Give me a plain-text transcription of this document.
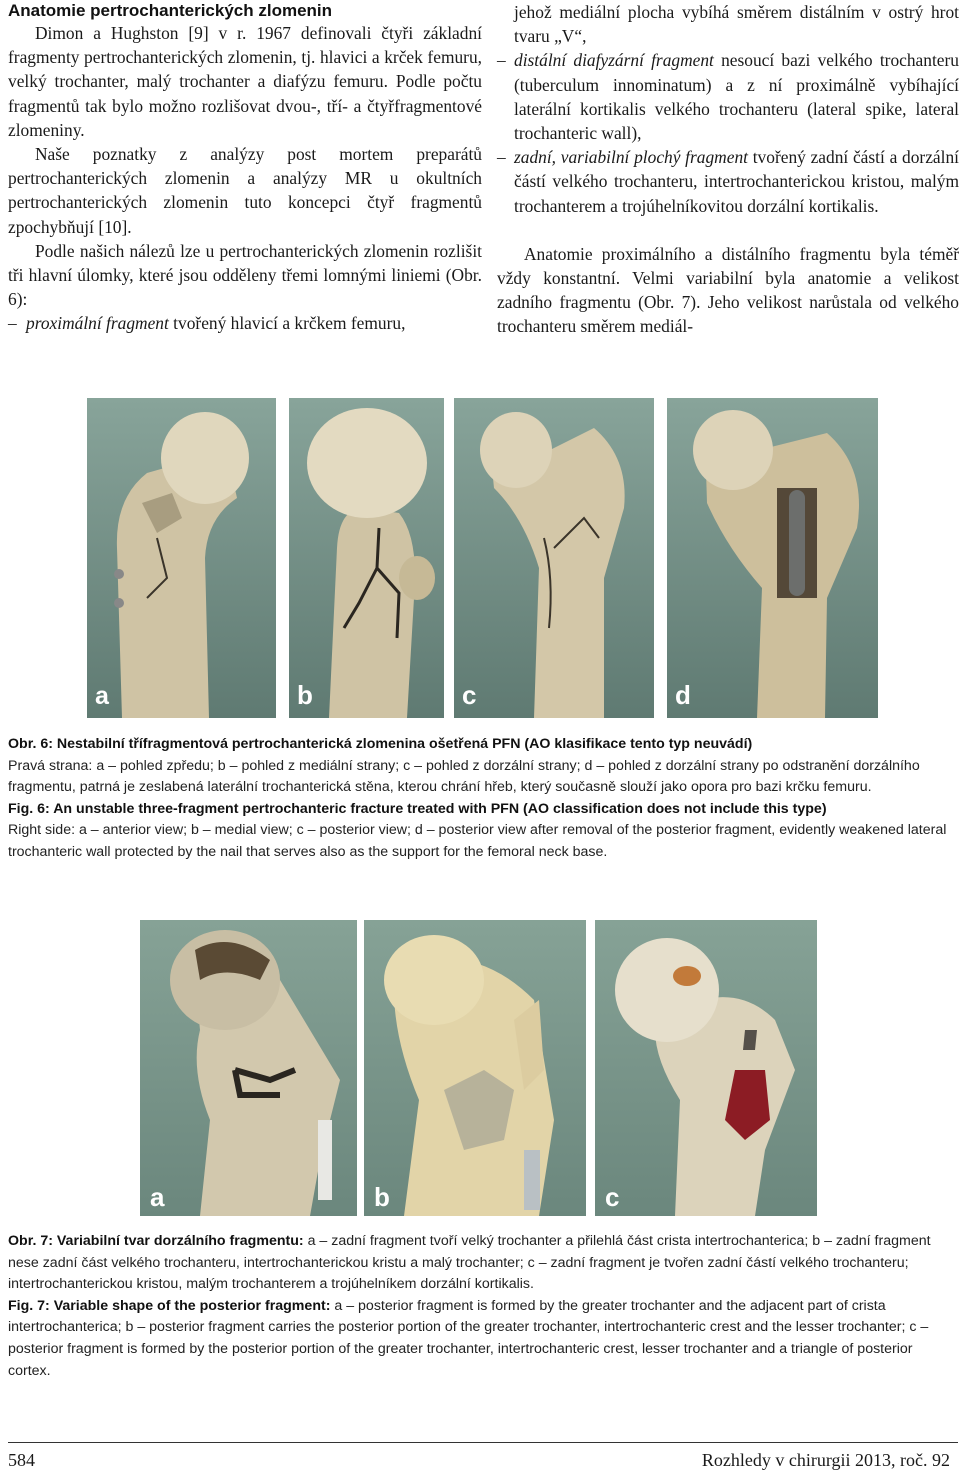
Anatomie pertrochanterických zlomenin

Dimon a Hughston [9] v r. 1967 definovali čtyři základní fragmenty pertrochanterických zlomenin, tj. hlavici a krček femuru, velký trochanter, malý trochanter a diafýzu femuru. Podle počtu fragmentů tak bylo možno rozlišovat dvou-, tří- a čtyřfragmentové zlomeniny.

Naše poznatky z analýzy post mortem preparátů pertrochanterických zlomenin a analýzy MR u okultních pertrochanterických zlomenin tuto koncepci čtyř fragmentů zpochybňují [10].

Podle našich nálezů lze u pertrochanterických zlomenin rozlišit tři hlavní úlomky, které jsou odděleny třemi lomnými liniemi (Obr. 6):

– proximální fragment tvořený hlavicí a krčkem femuru,

jehož mediální plocha vybíhá směrem distálním v ostrý hrot tvaru „V“,

– distální diafyzární fragment nesoucí bazi velkého trochanteru (tuberculum innominatum) a z ní proximálně vybíhající laterální kortikalis velkého trochanteru (lateral spike, lateral trochanteric wall),

– zadní, variabilní plochý fragment tvořený zadní částí a dorzální částí velkého trochanteru, intertrochanterickou kristou, malým trochanterem a trojúhelníkovitou dorzální kortikalis.

Anatomie proximálního a distálního fragmentu byla téměř vždy konstantní. Velmi variabilní byla anatomie a velikost zadního fragmentu (Obr. 7). Jeho velikost narůstala od velkého trochanteru směrem mediál-

a	b	c	d

Obr. 6: Nestabilní třífragmentová pertrochanterická zlomenina ošetřená PFN (AO klasifikace tento typ neuvádí)

Pravá strana: a – pohled zpředu; b – pohled z mediální strany; c – pohled z dorzální strany; d – pohled z dorzální strany po odstranění dorzálního fragmentu, patrná je zeslabená laterální trochanterická stěna, kterou chrání hřeb, který současně slouží jako opora pro bazi krčku femuru.

Fig. 6: An unstable three-fragment pertrochanteric fracture treated with PFN (AO classification does not include this type)

Right side: a – anterior view; b – medial view; c – posterior view; d – posterior view after removal of the posterior fragment, evidently weakened lateral trochanteric wall protected by the nail that serves also as the support for the femoral neck base.

a	b	c

Obr. 7: Variabilní tvar dorzálního fragmentu: a – zadní fragment tvoří velký trochanter a přilehlá část crista intertrochanterica; b – zadní fragment nese zadní část velkého trochanteru, intertrochanterickou kristu a malý trochanter; c – zadní fragment je tvořen zadní částí velkého trochanteru; intertrochanterickou kristou, malým trochanterem a trojúhelníkem dorzální kortikalis.

Fig. 7: Variable shape of the posterior fragment: a – posterior fragment is formed by the greater trochanter and the adjacent part of crista intertrochanterica; b – posterior fragment carries the posterior portion of the greater trochanter, intertrochanteric crest and the lesser trochanter; c – posterior fragment is formed by the posterior portion of the greater trochanter, intertrochanteric crest, lesser trochanter and a triangle of posterior cortex.

584	Rozhledy v chirurgii 2013, roč. 92
